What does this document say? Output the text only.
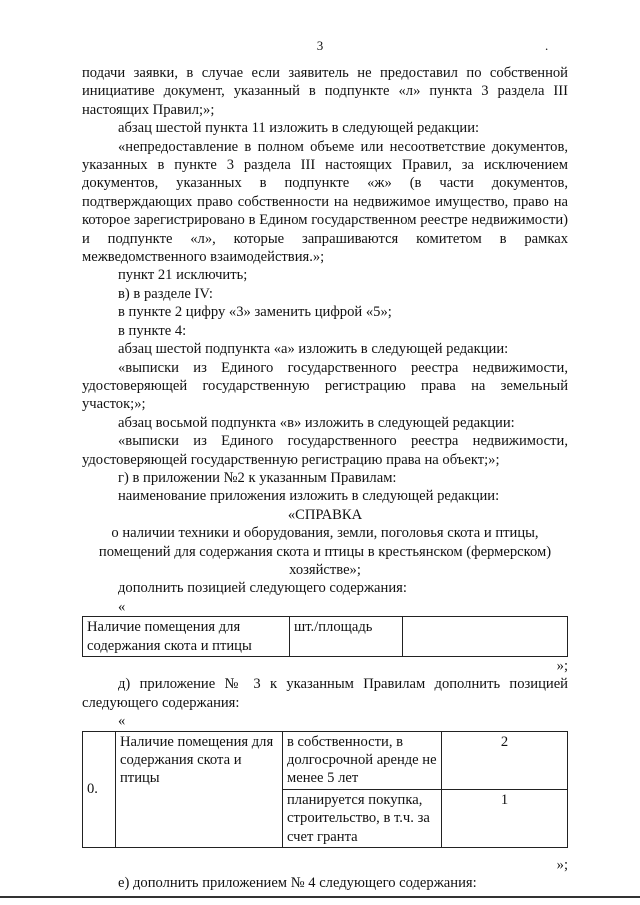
3	.

подачи заявки, в случае если заявитель не предоставил по собственной инициативе документ, указанный в подпункте «л» пункта 3 раздела III настоящих Правил;»;

абзац шестой пункта 11 изложить в следующей редакции:

«непредоставление в полном объеме или несоответствие документов, указанных в пункте 3 раздела III настоящих Правил, за исключением документов, указанных в подпункте «ж» (в части документов, подтверждающих право собственности на недвижимое имущество, право на которое зарегистрировано в Едином государственном реестре недвижимости) и подпункте «л», которые запрашиваются комитетом в рамках межведомственного взаимодействия.»;

пункт 21 исключить;

в) в разделе IV:

в пункте 2 цифру «3» заменить цифрой «5»;

в пункте 4:

абзац шестой подпункта «а» изложить в следующей редакции:

«выписки из Единого государственного реестра недвижимости, удостоверяющей государственную регистрацию права на земельный участок;»;

абзац восьмой подпункта «в» изложить в следующей редакции:

«выписки из Единого государственного реестра недвижимости, удостоверяющей государственную регистрацию права на объект;»;

г) в приложении №2 к указанным Правилам:

наименование приложения изложить в следующей редакции:

«СПРАВКА

о наличии техники и оборудования, земли, поголовья скота и птицы, помещений для содержания скота и птицы в крестьянском (фермерском) хозяйстве»;

дополнить позицией следующего содержания:

«

Наличие помещения для содержания скота и птицы	шт./площадь	

»;

д) приложение № 3 к указанным Правилам дополнить позицией следующего содержания:

«

0.	Наличие помещения для содержания скота и птицы	в собственности, в долгосрочной аренде не менее 5 лет	2
		планируется покупка, строительство, в т.ч. за счет гранта	1

»;

е) дополнить приложением № 4 следующего содержания:
